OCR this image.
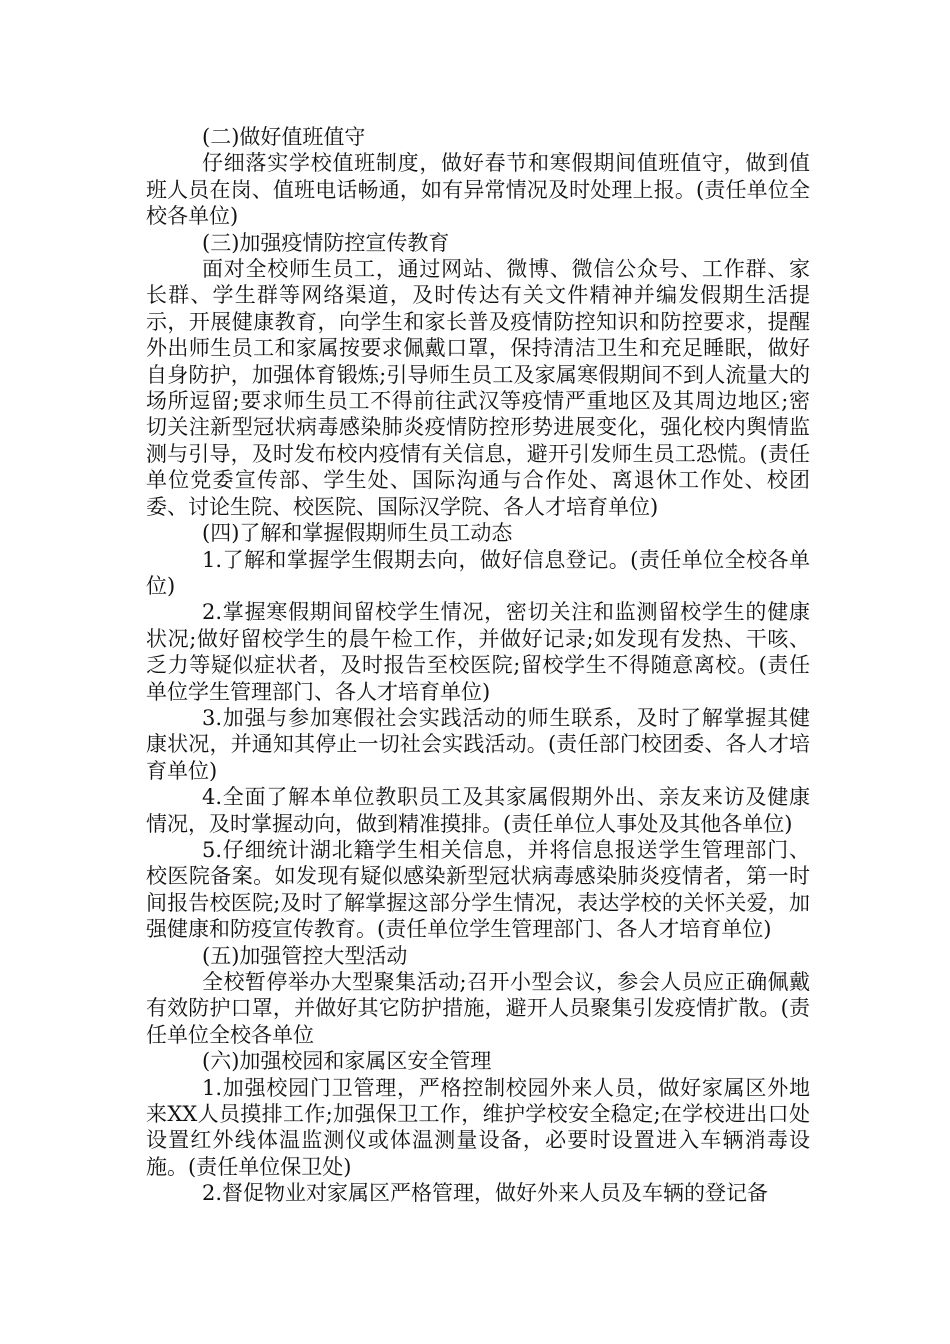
(二)做好值班值守

仔细落实学校值班制度，做好春节和寒假期间值班值守，做到值班人员在岗、值班电话畅通，如有异常情况及时处理上报。(责任单位全校各单位)

(三)加强疫情防控宣传教育

面对全校师生员工，通过网站、微博、微信公众号、工作群、家长群、学生群等网络渠道，及时传达有关文件精神并编发假期生活提示，开展健康教育，向学生和家长普及疫情防控知识和防控要求，提醒外出师生员工和家属按要求佩戴口罩，保持清洁卫生和充足睡眠，做好自身防护，加强体育锻炼;引导师生员工及家属寒假期间不到人流量大的场所逗留;要求师生员工不得前往武汉等疫情严重地区及其周边地区;密切关注新型冠状病毒感染肺炎疫情防控形势进展变化，强化校内舆情监测与引导，及时发布校内疫情有关信息，避开引发师生员工恐慌。(责任单位党委宣传部、学生处、国际沟通与合作处、离退休工作处、校团委、讨论生院、校医院、国际汉学院、各人才培育单位)

(四)了解和掌握假期师生员工动态

1.了解和掌握学生假期去向，做好信息登记。(责任单位全校各单位)

2.掌握寒假期间留校学生情况，密切关注和监测留校学生的健康状况;做好留校学生的晨午检工作，并做好记录;如发现有发热、干咳、乏力等疑似症状者，及时报告至校医院;留校学生不得随意离校。(责任单位学生管理部门、各人才培育单位)

3.加强与参加寒假社会实践活动的师生联系，及时了解掌握其健康状况，并通知其停止一切社会实践活动。(责任部门校团委、各人才培育单位)

4.全面了解本单位教职员工及其家属假期外出、亲友来访及健康情况，及时掌握动向，做到精准摸排。(责任单位人事处及其他各单位)

5.仔细统计湖北籍学生相关信息，并将信息报送学生管理部门、校医院备案。如发现有疑似感染新型冠状病毒感染肺炎疫情者，第一时间报告校医院;及时了解掌握这部分学生情况，表达学校的关怀关爱，加强健康和防疫宣传教育。(责任单位学生管理部门、各人才培育单位)

(五)加强管控大型活动

全校暂停举办大型聚集活动;召开小型会议，参会人员应正确佩戴有效防护口罩，并做好其它防护措施，避开人员聚集引发疫情扩散。(责任单位全校各单位

(六)加强校园和家属区安全管理

1.加强校园门卫管理，严格控制校园外来人员，做好家属区外地来XX人员摸排工作;加强保卫工作，维护学校安全稳定;在学校进出口处设置红外线体温监测仪或体温测量设备，必要时设置进入车辆消毒设施。(责任单位保卫处)

2.督促物业对家属区严格管理，做好外来人员及车辆的登记备
